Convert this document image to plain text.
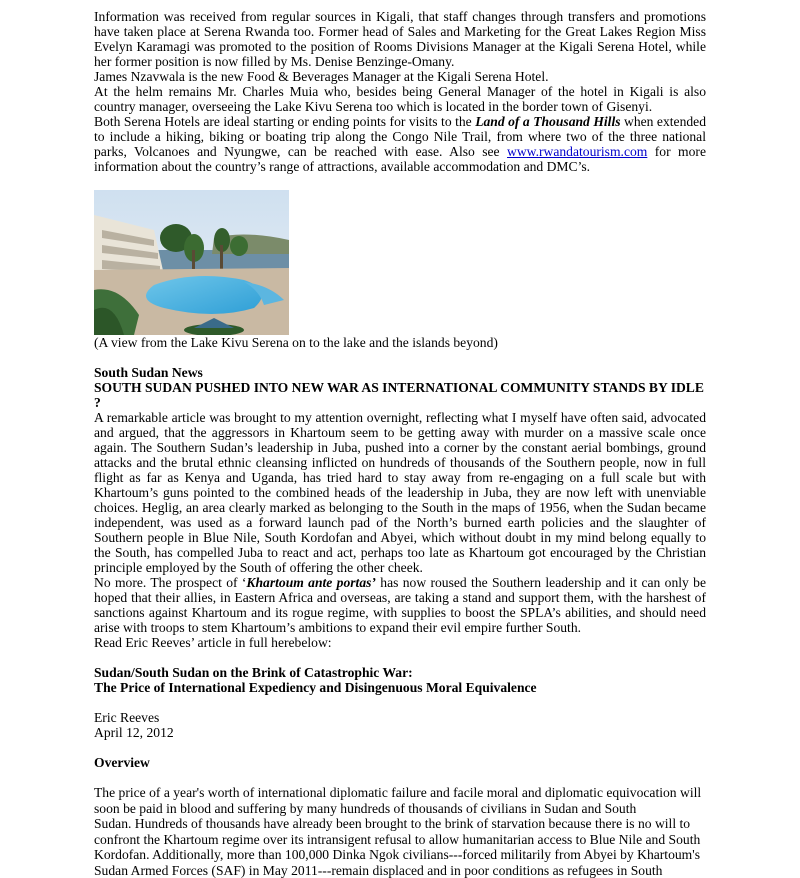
Information was received from regular sources in Kigali, that staff changes through transfers and promotions have taken place at Serena Rwanda too. Former head of Sales and Marketing for the Great Lakes Region Miss Evelyn Karamagi was promoted to the position of Rooms Divisions Manager at the Kigali Serena Hotel, while her former position is now filled by Ms. Denise Benzinge-Omany.

James Nzavwala is the new Food & Beverages Manager at the Kigali Serena Hotel.

At the helm remains Mr. Charles Muia who, besides being General Manager of the hotel in Kigali is also country manager, overseeing the Lake Kivu Serena too which is located in the border town of Gisenyi.

Both Serena Hotels are ideal starting or ending points for visits to the Land of a Thousand Hills when extended to include a hiking, biking or boating trip along the Congo Nile Trail, from where two of the three national parks, Volcanoes and Nyungwe, can be reached with ease. Also see www.rwandatourism.com for more information about the country’s range of attractions, available accommodation and DMC’s.

(A view from the Lake Kivu Serena on to the lake and the islands beyond)

South Sudan News

SOUTH SUDAN PUSHED INTO NEW WAR AS INTERNATIONAL COMMUNITY STANDS BY IDLE ?

A remarkable article was brought to my attention overnight, reflecting what I myself have often said, advocated and argued, that the aggressors in Khartoum seem to be getting away with murder on a massive scale once again. The Southern Sudan’s leadership in Juba, pushed into a corner by the constant aerial bombings, ground attacks and the brutal ethnic cleansing inflicted on hundreds of thousands of the Southern people, now in full flight as far as Kenya and Uganda, has tried hard to stay away from re-engaging on a full scale but with Khartoum’s guns pointed to the combined heads of the leadership in Juba, they are now left with unenviable choices. Heglig, an area clearly marked as belonging to the South in the maps of 1956, when the Sudan became independent, was used as a forward launch pad of the North’s burned earth policies and the slaughter of Southern people in Blue Nile, South Kordofan and Abyei, which without doubt in my mind belong equally to the South, has compelled Juba to react and act, perhaps too late as Khartoum got encouraged by the Christian principle employed by the South of offering the other cheek.

No more. The prospect of ‘Khartoum ante portas’ has now roused the Southern leadership and it can only be hoped that their allies, in Eastern Africa and overseas, are taking a stand and support them, with the harshest of sanctions against Khartoum and its rogue regime, with supplies to boost the SPLA’s abilities, and should need arise with troops to stem Khartoum’s ambitions to expand their evil empire further South.

Read Eric Reeves’ article in full herebelow:

Sudan/South Sudan on the Brink of Catastrophic War:

The Price of International Expediency and Disingenuous Moral Equivalence

Eric Reeves

April 12, 2012

Overview

The price of a year's worth of international diplomatic failure and facile moral and diplomatic equivocation will

soon be paid in blood and suffering by many hundreds of thousands of civilians in Sudan and South

Sudan. Hundreds of thousands have already been brought to the brink of starvation because there is no will to

confront the Khartoum regime over its intransigent refusal to allow humanitarian access to Blue Nile and South

Kordofan. Additionally, more than 100,000 Dinka Ngok civilians---forced militarily from Abyei by Khartoum's

Sudan Armed Forces (SAF) in May 2011---remain displaced and in poor conditions as refugees in South
